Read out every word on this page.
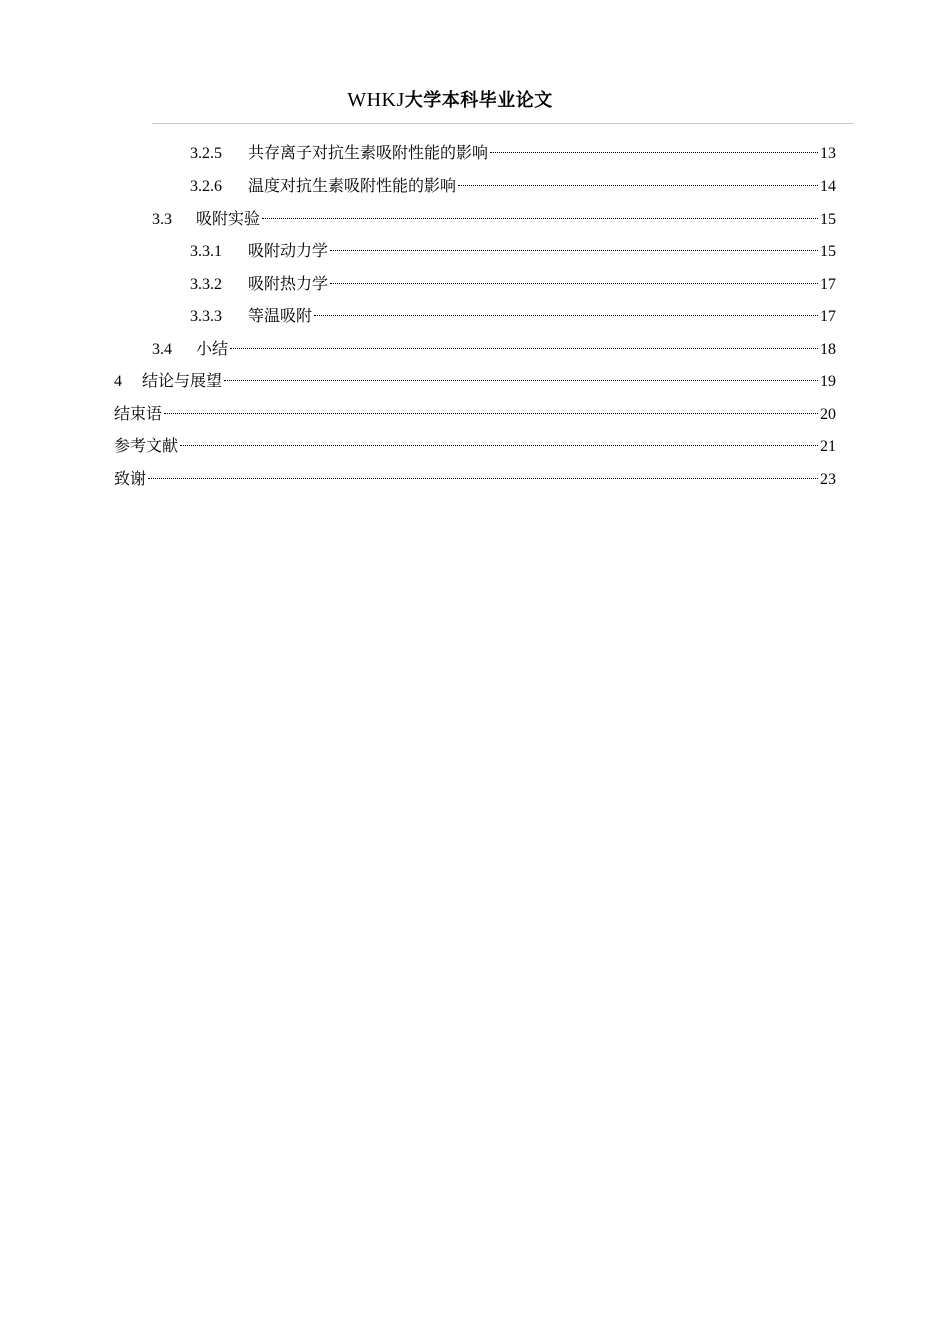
WHKJ大学本科毕业论文
3.2.5	共存离子对抗生素吸附性能的影响	13
3.2.6	温度对抗生素吸附性能的影响	14
3.3	吸附实验	15
3.3.1	吸附动力学	15
3.3.2	吸附热力学	17
3.3.3	等温吸附	17
3.4	小结	18
4	结论与展望	19
结束语	20
参考文献	21
致谢	23
